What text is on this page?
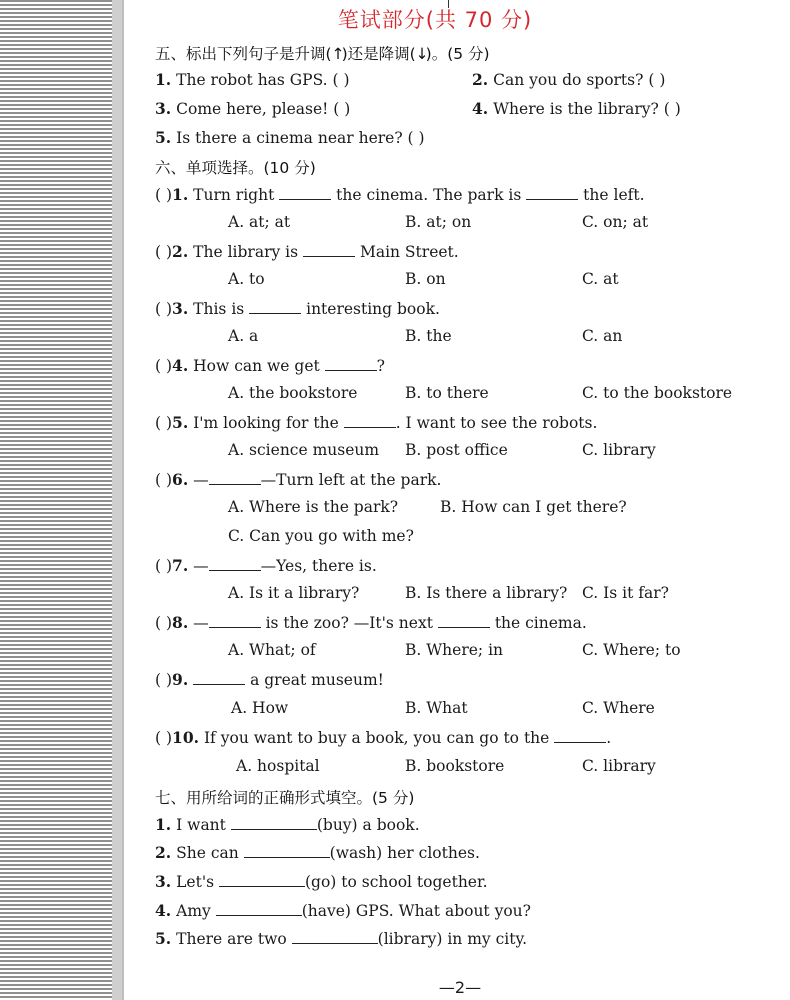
笔试部分(共 70 分)
五、标出下列句子是升调(↑)还是降调(↓)。(5 分)
1. The robot has GPS. ( )	2. Can you do sports? ( )
3. Come here, please! ( )	4. Where is the library? ( )
5. Is there a cinema near here? ( )
六、单项选择。(10 分)
( )1. Turn right	the cinema. The park is	the left.
A. at; at	B. at; on	C. on; at
( )2. The library is	Main Street.
A. to	B. on	C. at
( )3. This is	interesting book.
A. a	B. the	C. an
( )4. How can we get	?
A. the bookstore	B. to there	C. to the bookstore
( )5. I'm looking for the	. I want to see the robots.
A. science museum B. post office	C. library
( )6. —	—Turn left at the park.
A. Where is the park?	B. How can I get there?
C. Can you go with me?
( )7. —	—Yes, there is.
A. Is it a library?	B. Is there a library? C. Is it far?
( )8. —	is the zoo? —It's next	the cinema.
A. What; of	B. Where; in	C. Where; to
( )9.	a great museum!
A. How	B. What	C. Where
( )10. If you want to buy a book, you can go to the	.
A. hospital	B. bookstore	C. library
七、用所给词的正确形式填空。(5 分)
1. I want	(buy) a book.
2. She can	(wash) her clothes.
3. Let's	(go) to school together.
4. Amy	(have) GPS. What about you?
5. There are two	(library) in my city.
—2—
